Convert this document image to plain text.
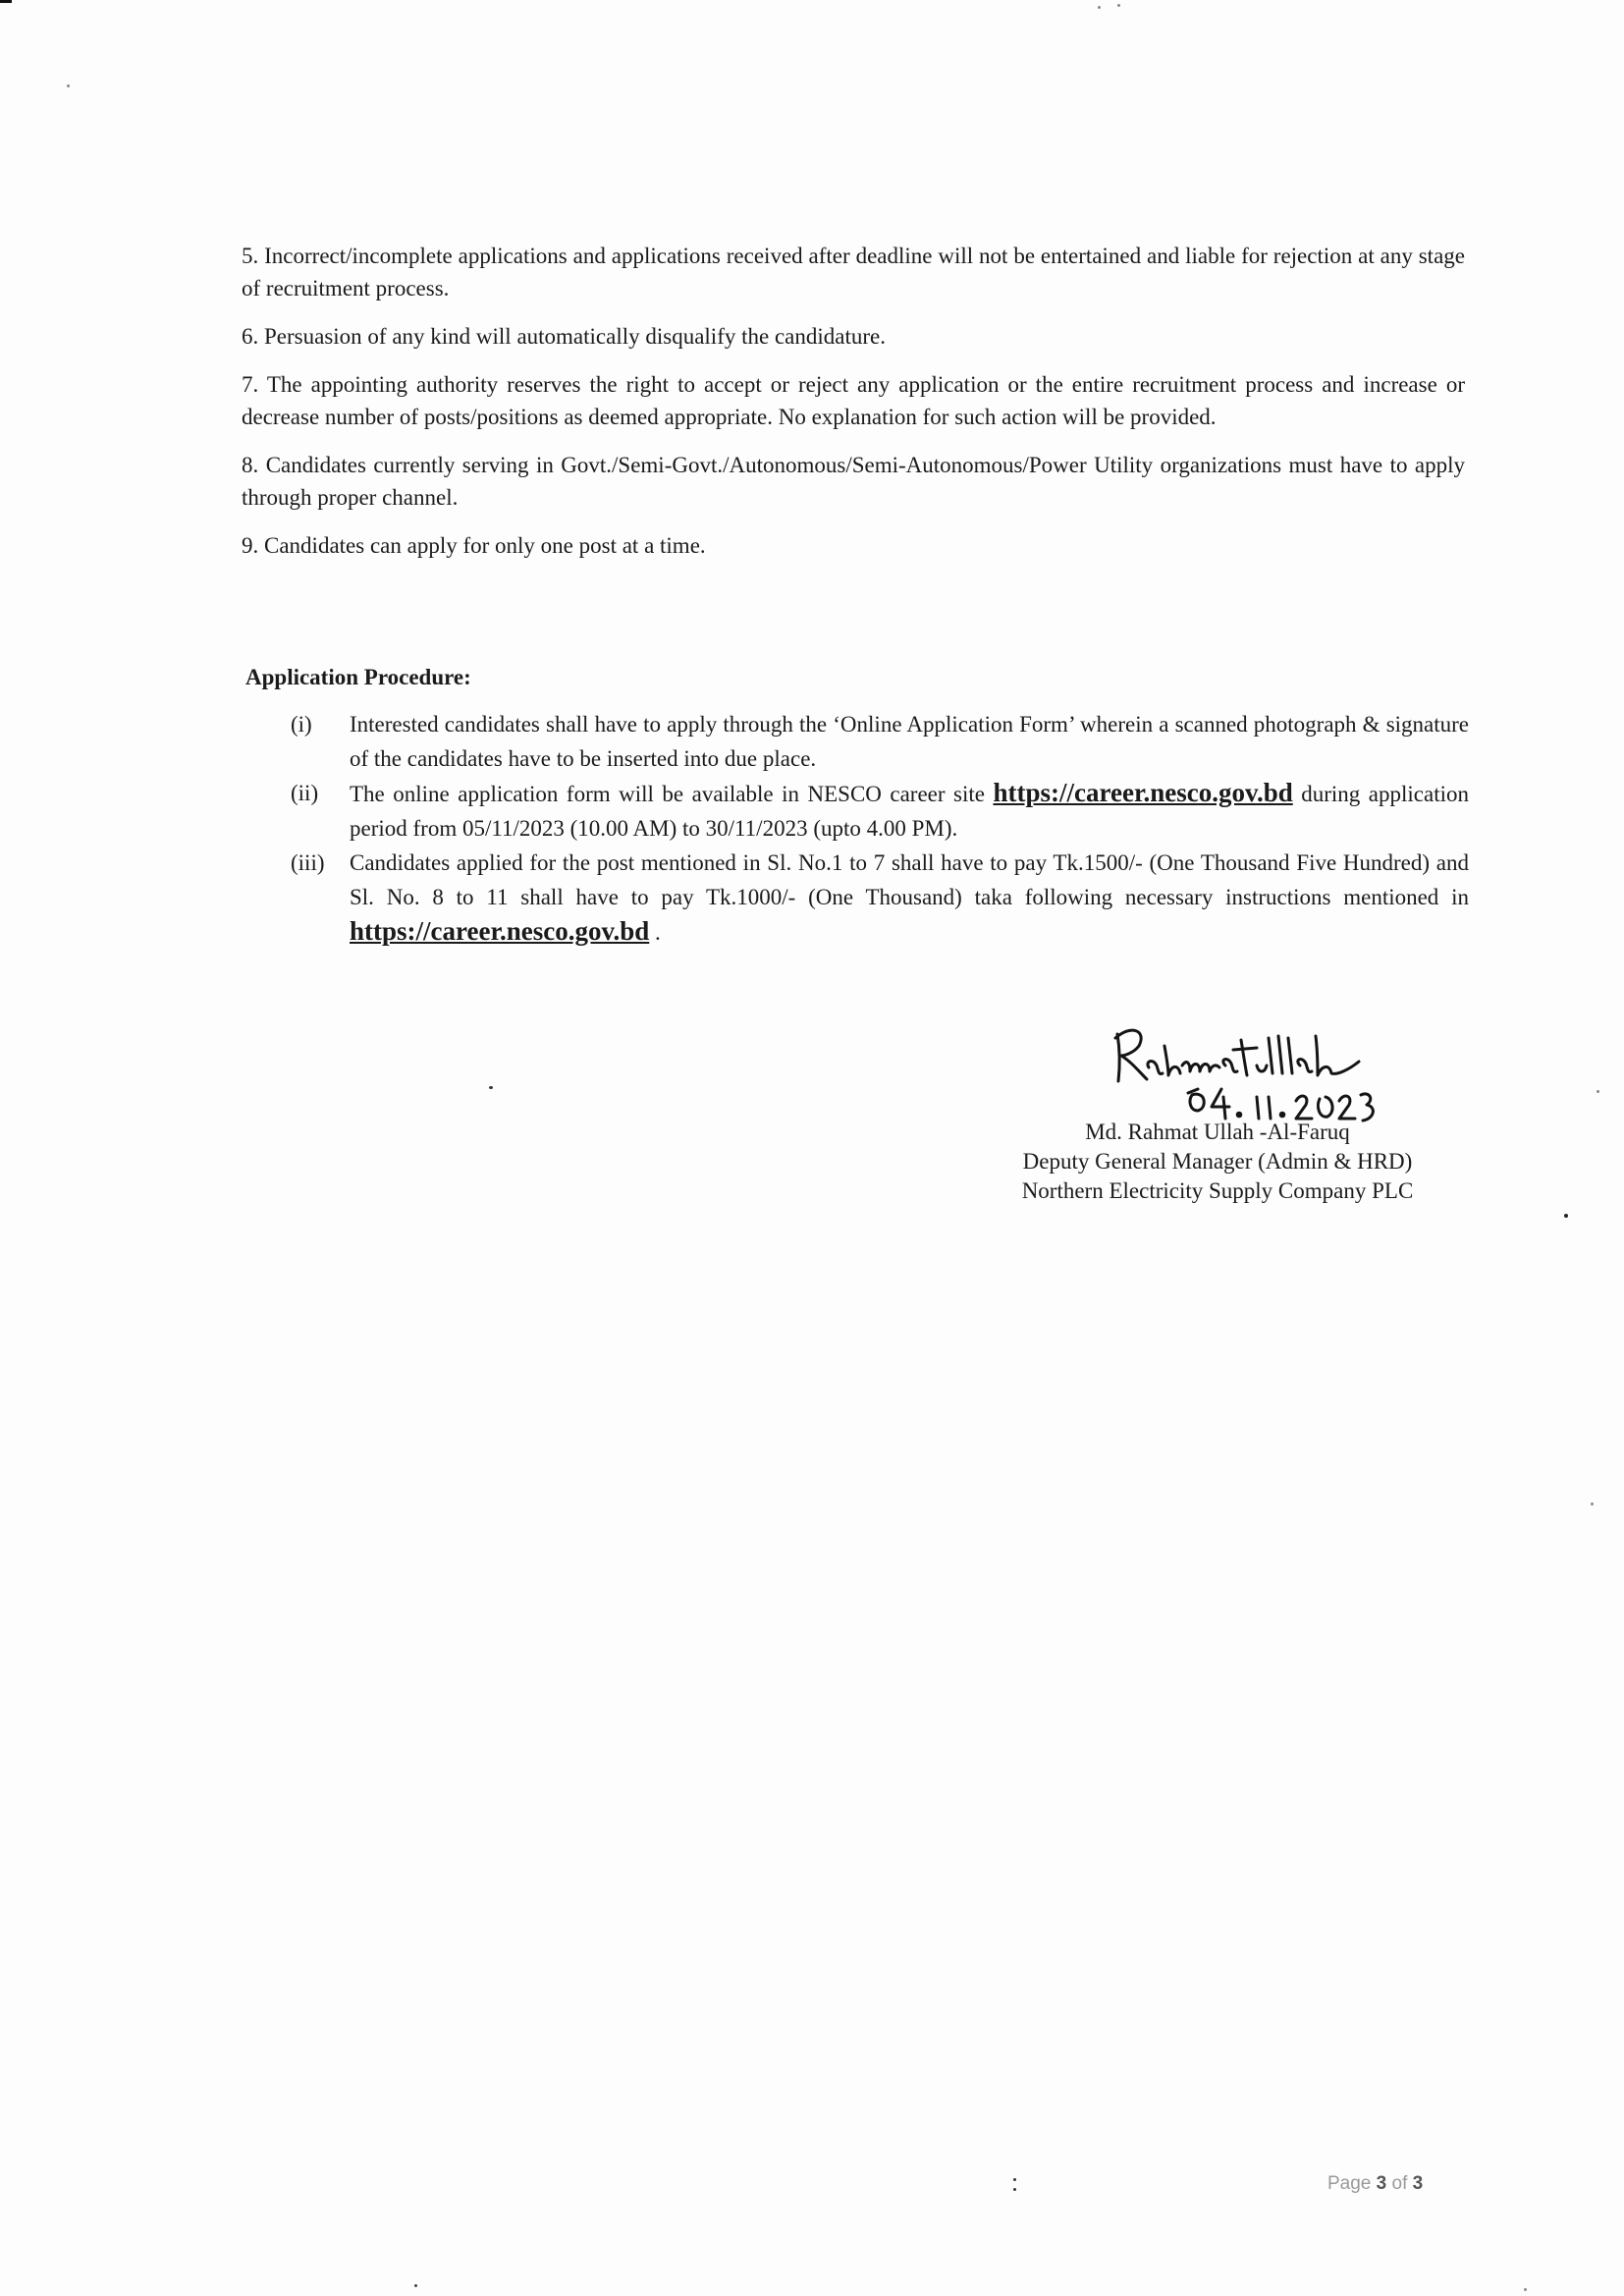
5. Incorrect/incomplete applications and applications received after deadline will not be entertained and liable for rejection at any stage of recruitment process.

6. Persuasion of any kind will automatically disqualify the candidature.

7. The appointing authority reserves the right to accept or reject any application or the entire recruitment process and increase or decrease number of posts/positions as deemed appropriate. No explanation for such action will be provided.

8. Candidates currently serving in Govt./Semi-Govt./Autonomous/Semi-Autonomous/Power Utility organizations must have to apply through proper channel.

9. Candidates can apply for only one post at a time.

Application Procedure:
(i) Interested candidates shall have to apply through the ‘Online Application Form’ wherein a scanned photograph & signature of the candidates have to be inserted into due place.
(ii) The online application form will be available in NESCO career site https://career.nesco.gov.bd during application period from 05/11/2023 (10.00 AM) to 30/11/2023 (upto 4.00 PM).
(iii) Candidates applied for the post mentioned in Sl. No.1 to 7 shall have to pay Tk.1500/- (One Thousand Five Hundred) and Sl. No. 8 to 11 shall have to pay Tk.1000/- (One Thousand) taka following necessary instructions mentioned in https://career.nesco.gov.bd .
Md. Rahmat Ullah -Al-Faruq
Deputy General Manager (Admin & HRD)
Northern Electricity Supply Company PLC
Page 3 of 3
